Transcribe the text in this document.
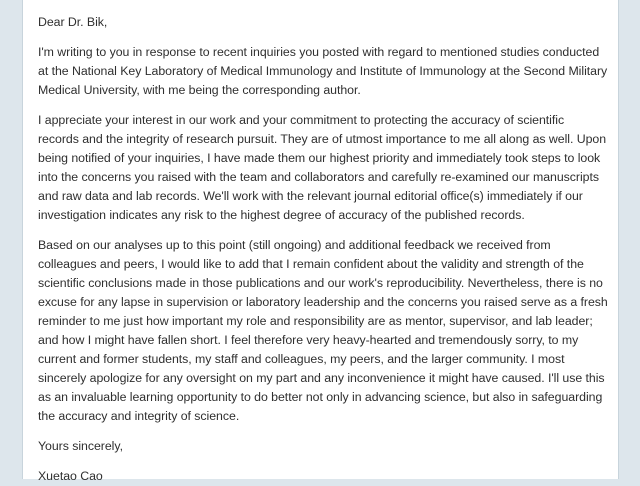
Dear Dr. Bik,

I'm writing to you in response to recent inquiries you posted with regard to mentioned studies conducted at the National Key Laboratory of Medical Immunology and Institute of Immunology at the Second Military Medical University, with me being the corresponding author.

I appreciate your interest in our work and your commitment to protecting the accuracy of scientific records and the integrity of research pursuit. They are of utmost importance to me all along as well. Upon being notified of your inquiries, I have made them our highest priority and immediately took steps to look into the concerns you raised with the team and collaborators and carefully re-examined our manuscripts and raw data and lab records. We'll work with the relevant journal editorial office(s) immediately if our investigation indicates any risk to the highest degree of accuracy of the published records.

Based on our analyses up to this point (still ongoing) and additional feedback we received from colleagues and peers, I would like to add that I remain confident about the validity and strength of the scientific conclusions made in those publications and our work's reproducibility. Nevertheless, there is no excuse for any lapse in supervision or laboratory leadership and the concerns you raised serve as a fresh reminder to me just how important my role and responsibility are as mentor, supervisor, and lab leader; and how I might have fallen short. I feel therefore very heavy-hearted and tremendously sorry, to my current and former students, my staff and colleagues, my peers, and the larger community. I most sincerely apologize for any oversight on my part and any inconvenience it might have caused. I'll use this as an invaluable learning opportunity to do better not only in advancing science, but also in safeguarding the accuracy and integrity of science.

Yours sincerely,

Xuetao Cao
